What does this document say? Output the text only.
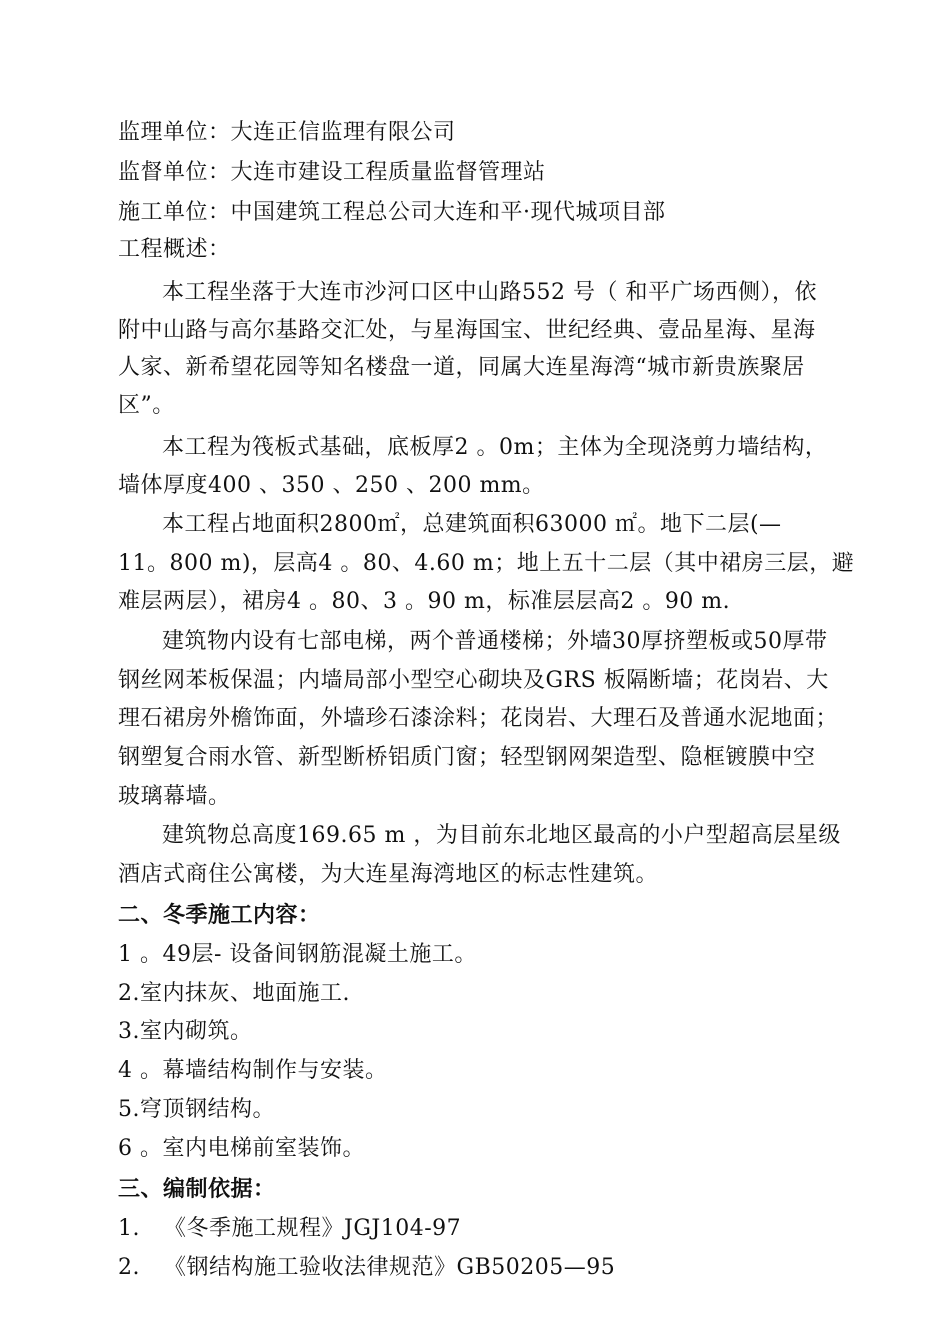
监理单位：大连正信监理有限公司
监督单位：大连市建设工程质量监督管理站
施工单位：中国建筑工程总公司大连和平·现代城项目部
工程概述：
本工程坐落于大连市沙河口区中山路552 号（ 和平广场西侧），依
附中山路与高尔基路交汇处，与星海国宝、世纪经典、壹品星海、星海
人家、新希望花园等知名楼盘一道，同属大连星海湾“城市新贵族聚居
区”。
本工程为筏板式基础，底板厚2 。0m；主体为全现浇剪力墙结构，
墙体厚度400 、350 、250 、200 mm。
本工程占地面积2800㎡，总建筑面积63000 ㎡。地下二层(—
11。800 m)，层高4 。80、4.60 m；地上五十二层（其中裙房三层，避
难层两层），裙房4 。80、3 。90 m，标准层层高2 。90 m.
建筑物内设有七部电梯，两个普通楼梯；外墙30厚挤塑板或50厚带
钢丝网苯板保温；内墙局部小型空心砌块及GRS 板隔断墙；花岗岩、大
理石裙房外檐饰面，外墙珍石漆涂料；花岗岩、大理石及普通水泥地面；
钢塑复合雨水管、新型断桥铝质门窗；轻型钢网架造型、隐框镀膜中空
玻璃幕墙。
建筑物总高度169.65 m ，为目前东北地区最高的小户型超高层星级
酒店式商住公寓楼，为大连星海湾地区的标志性建筑。
二、冬季施工内容：
1 。49层- 设备间钢筋混凝土施工。
2.室内抹灰、地面施工.
3.室内砌筑。
4 。幕墙结构制作与安装。
5.穹顶钢结构。
6 。室内电梯前室装饰。
三、编制依据：
1. 《冬季施工规程》JGJ104-97
2. 《钢结构施工验收法律规范》GB50205—95
